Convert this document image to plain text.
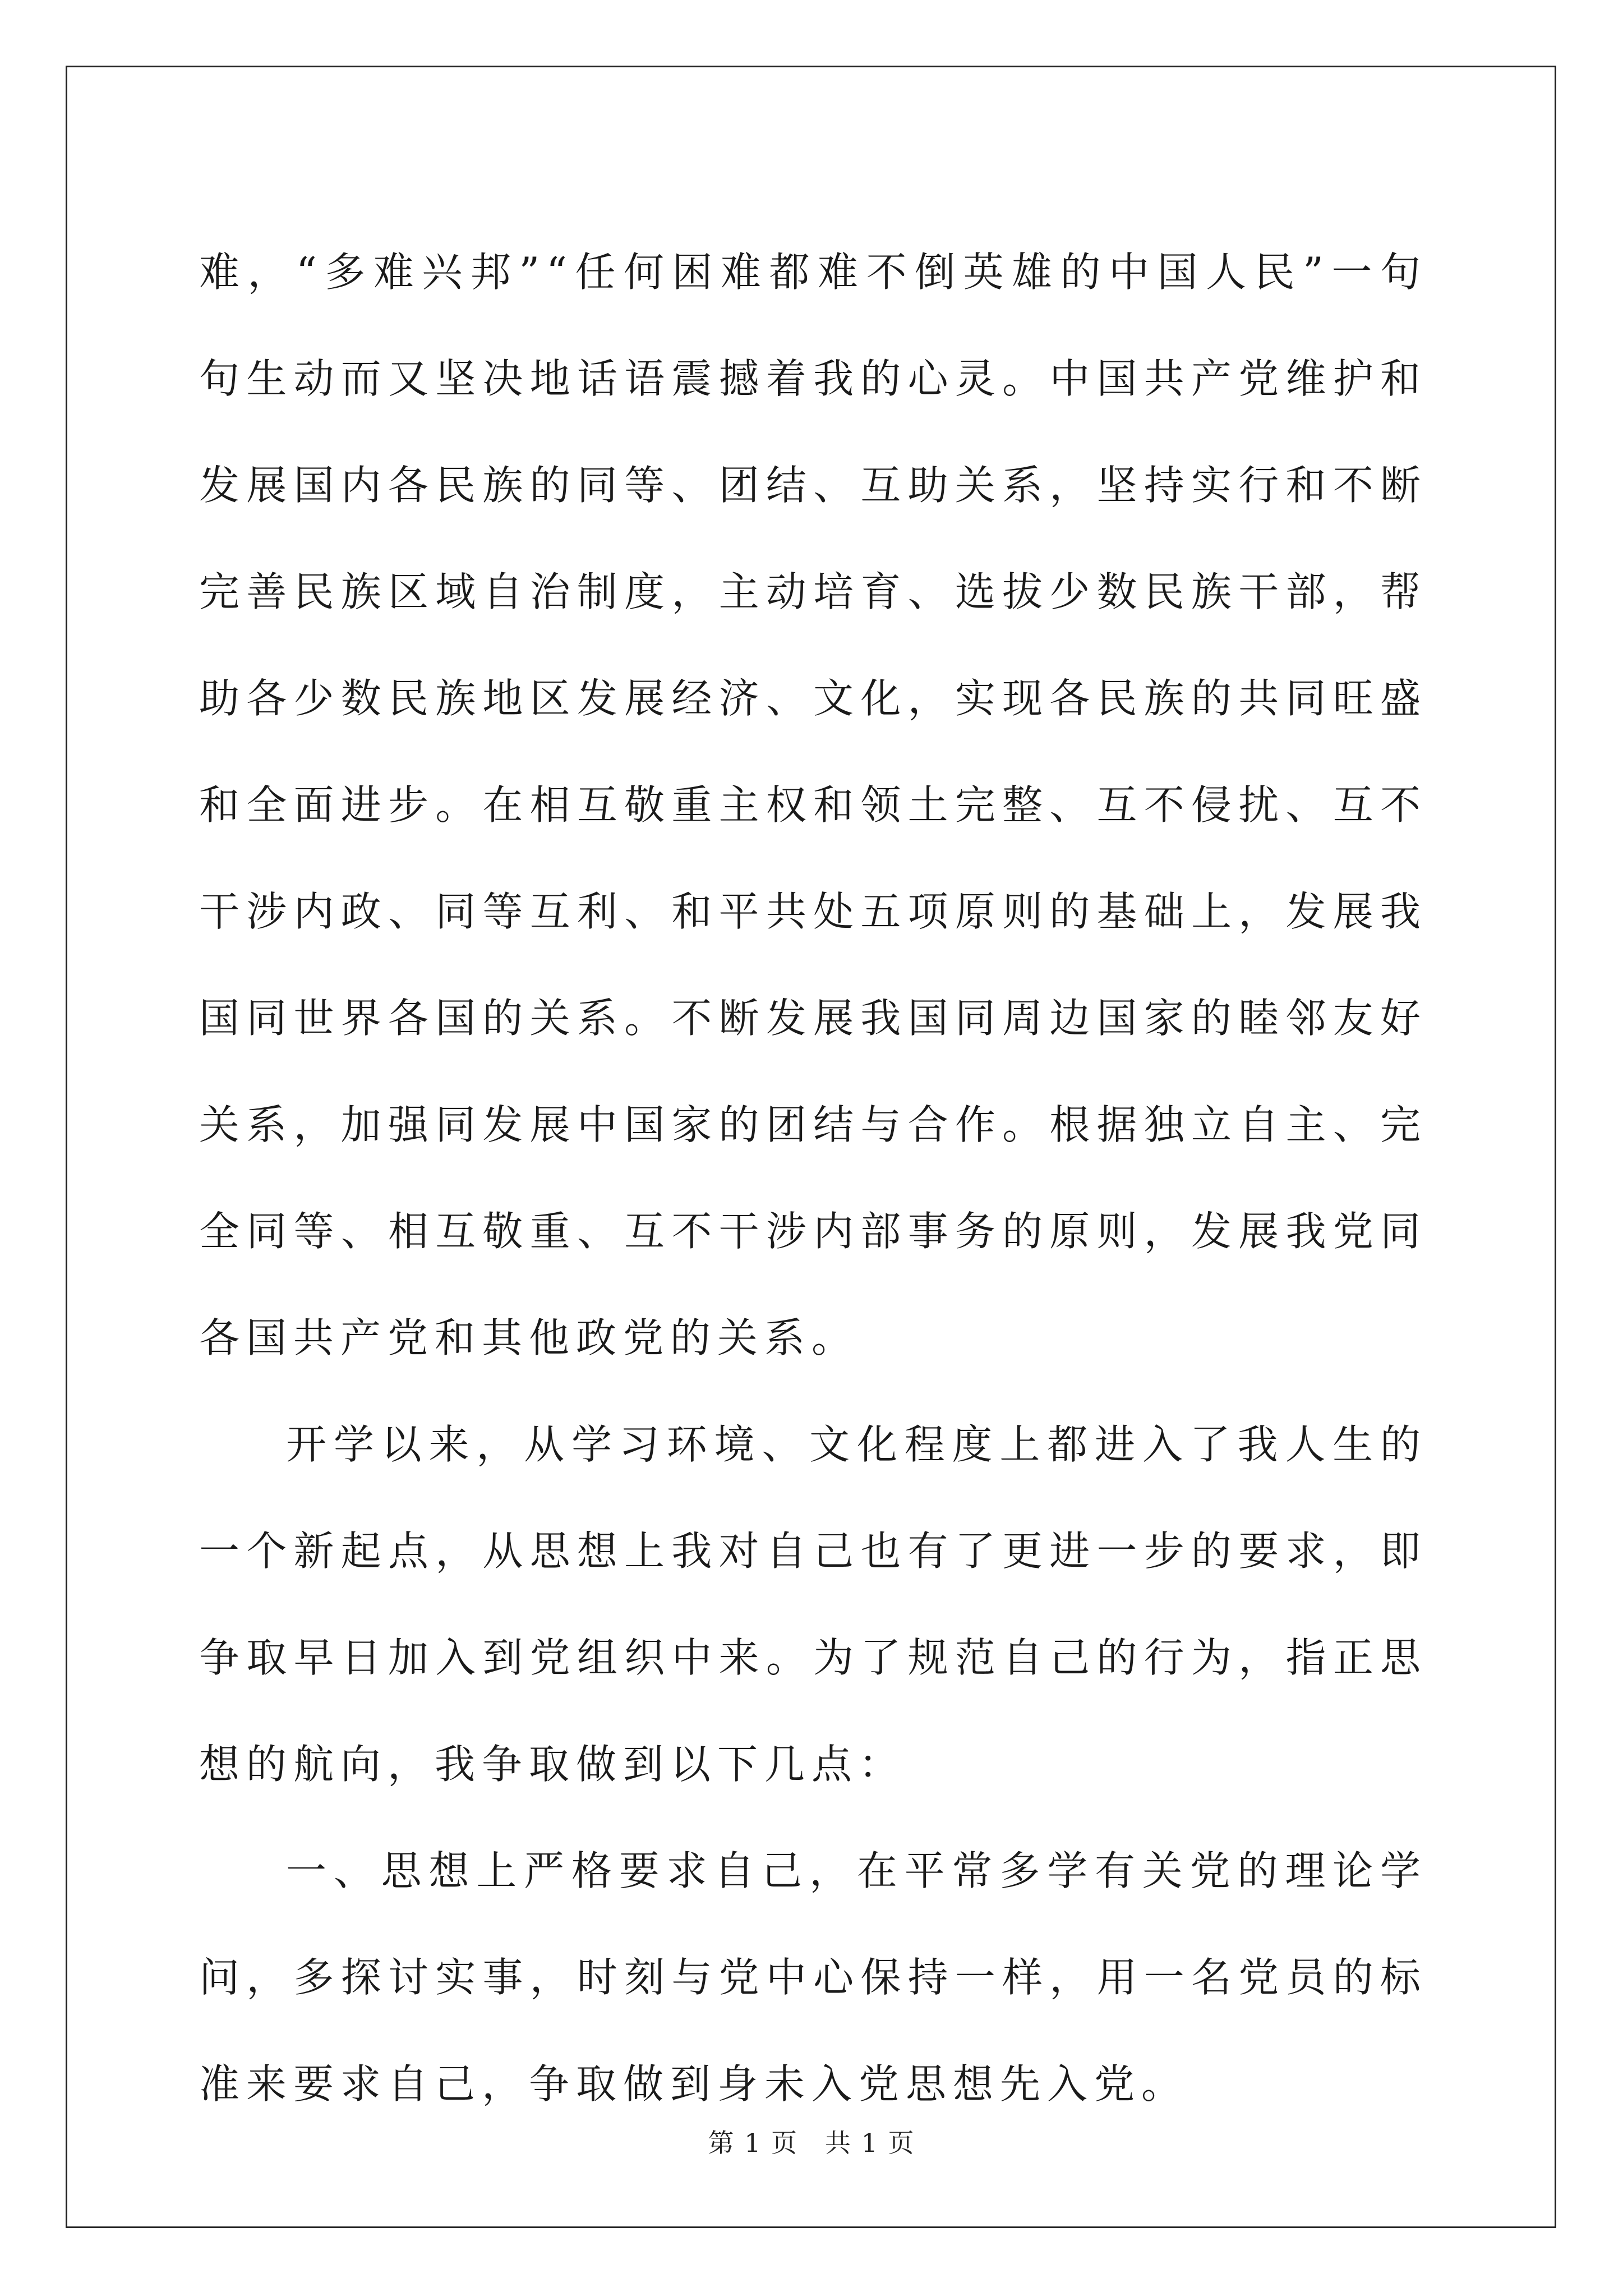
难，“多难兴邦”“任何困难都难不倒英雄的中国人民”一句句生动而又坚决地话语震撼着我的心灵。中国共产党维护和发展国内各民族的同等、团结、互助关系，坚持实行和不断完善民族区域自治制度，主动培育、选拔少数民族干部，帮助各少数民族地区发展经济、文化，实现各民族的共同旺盛和全面进步。在相互敬重主权和领土完整、互不侵扰、互不干涉内政、同等互利、和平共处五项原则的基础上，发展我国同世界各国的关系。不断发展我国同周边国家的睦邻友好关系，加强同发展中国家的团结与合作。根据独立自主、完全同等、相互敬重、互不干涉内部事务的原则，发展我党同各国共产党和其他政党的关系。

开学以来，从学习环境、文化程度上都进入了我人生的一个新起点，从思想上我对自己也有了更进一步的要求，即争取早日加入到党组织中来。为了规范自己的行为，指正思想的航向，我争取做到以下几点：

一、思想上严格要求自己，在平常多学有关党的理论学问，多探讨实事，时刻与党中心保持一样，用一名党员的标准来要求自己，争取做到身未入党思想先入党。

第 1 页　共 1 页
